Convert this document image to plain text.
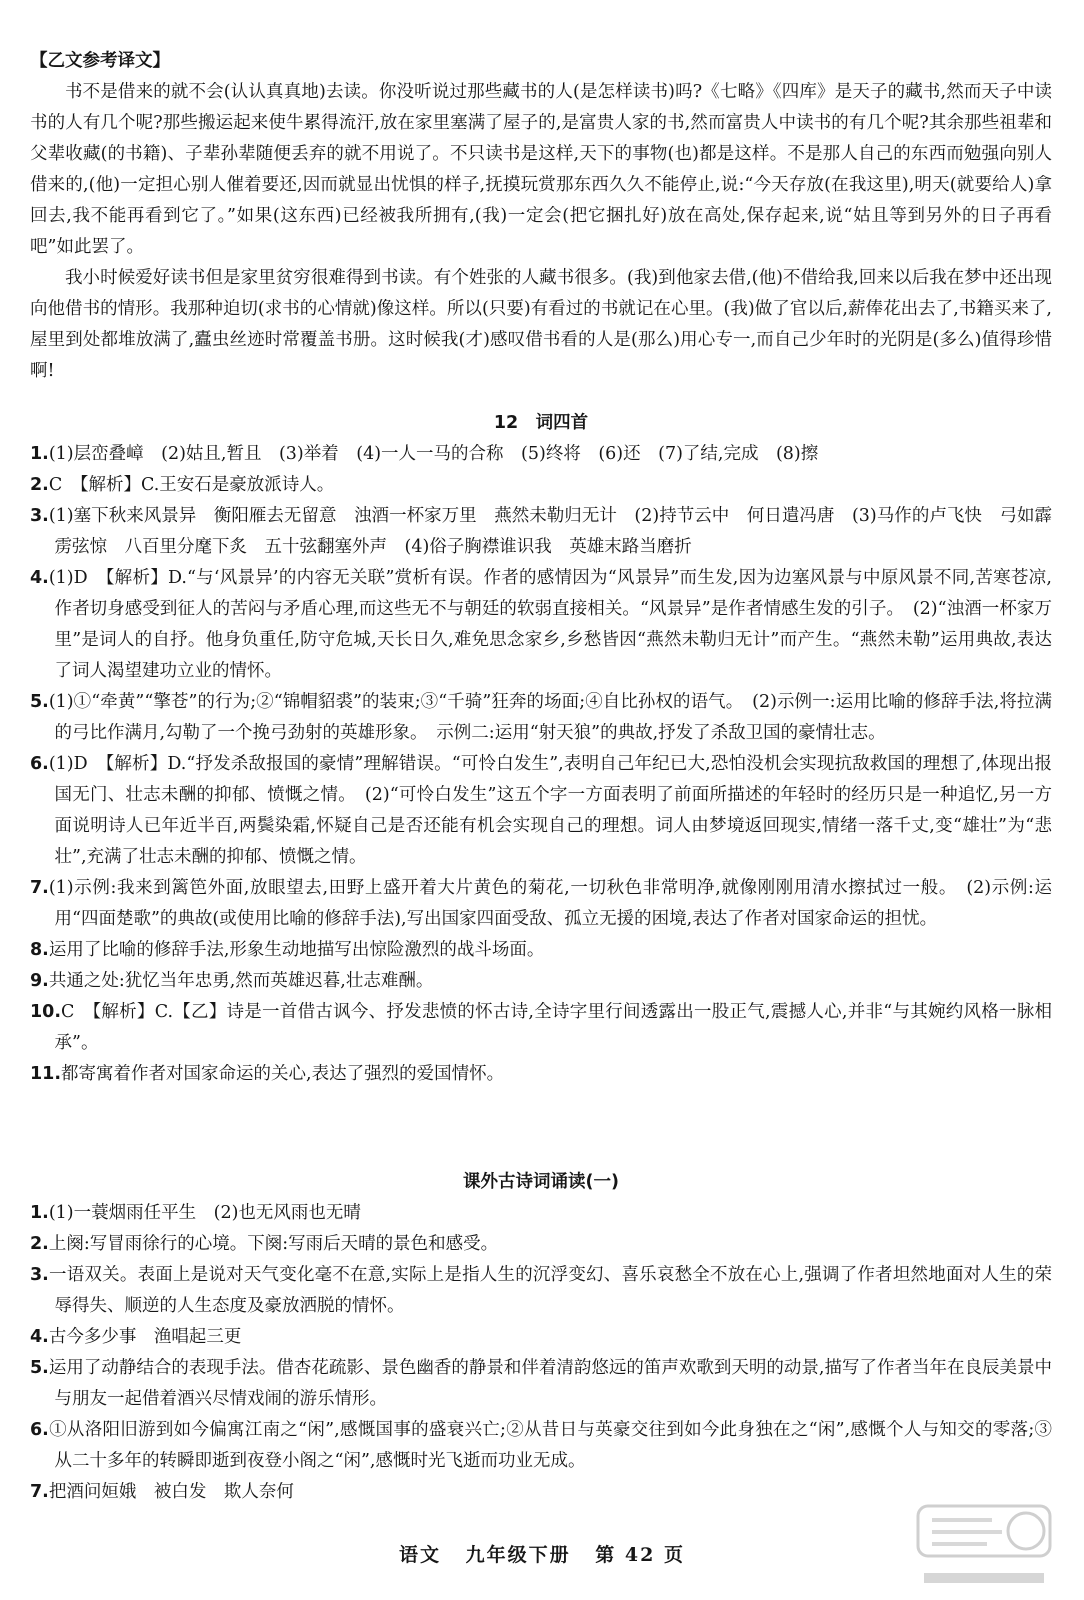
【乙文参考译文】

书不是借来的就不会(认认真真地)去读。你没听说过那些藏书的人(是怎样读书)吗?《七略》《四库》是天子的藏书,然而天子中读书的人有几个呢?那些搬运起来使牛累得流汗,放在家里塞满了屋子的,是富贵人家的书,然而富贵人中读书的有几个呢?其余那些祖辈和父辈收藏(的书籍)、子辈孙辈随便丢弃的就不用说了。不只读书是这样,天下的事物(也)都是这样。不是那人自己的东西而勉强向别人借来的,(他)一定担心别人催着要还,因而就显出忧惧的样子,抚摸玩赏那东西久久不能停止,说:“今天存放(在我这里),明天(就要给人)拿回去,我不能再看到它了。”如果(这东西)已经被我所拥有,(我)一定会(把它捆扎好)放在高处,保存起来,说“姑且等到另外的日子再看吧”如此罢了。

我小时候爱好读书但是家里贫穷很难得到书读。有个姓张的人藏书很多。(我)到他家去借,(他)不借给我,回来以后我在梦中还出现向他借书的情形。我那种迫切(求书的心情就)像这样。所以(只要)有看过的书就记在心里。(我)做了官以后,薪俸花出去了,书籍买来了,屋里到处都堆放满了,蠹虫丝迹时常覆盖书册。这时候我(才)感叹借书看的人是(那么)用心专一,而自己少年时的光阴是(多么)值得珍惜啊!

12　词四首

1.(1)层峦叠嶂　(2)姑且,暂且　(3)举着　(4)一人一马的合称　(5)终将　(6)还　(7)了结,完成　(8)擦

2.C　【解析】C.王安石是豪放派诗人。

3.(1)塞下秋来风景异　衡阳雁去无留意　浊酒一杯家万里　燕然未勒归无计　(2)持节云中　何日遣冯唐　(3)马作的卢飞快　弓如霹雳弦惊　八百里分麾下炙　五十弦翻塞外声　(4)俗子胸襟谁识我　英雄末路当磨折

4.(1)D　【解析】D.“与‘风景异’的内容无关联”赏析有误。作者的感情因为“风景异”而生发,因为边塞风景与中原风景不同,苦寒苍凉,作者切身感受到征人的苦闷与矛盾心理,而这些无不与朝廷的软弱直接相关。“风景异”是作者情感生发的引子。　(2)“浊酒一杯家万里”是词人的自抒。他身负重任,防守危城,天长日久,难免思念家乡,乡愁皆因“燕然未勒归无计”而产生。“燕然未勒”运用典故,表达了词人渴望建功立业的情怀。

5.(1)①“牵黄”“擎苍”的行为;②“锦帽貂裘”的装束;③“千骑”狂奔的场面;④自比孙权的语气。　(2)示例一:运用比喻的修辞手法,将拉满的弓比作满月,勾勒了一个挽弓劲射的英雄形象。　示例二:运用“射天狼”的典故,抒发了杀敌卫国的豪情壮志。

6.(1)D　【解析】D.“抒发杀敌报国的豪情”理解错误。“可怜白发生”,表明自己年纪已大,恐怕没机会实现抗敌救国的理想了,体现出报国无门、壮志未酬的抑郁、愤慨之情。　(2)“可怜白发生”这五个字一方面表明了前面所描述的年轻时的经历只是一种追忆,另一方面说明诗人已年近半百,两鬓染霜,怀疑自己是否还能有机会实现自己的理想。词人由梦境返回现实,情绪一落千丈,变“雄壮”为“悲壮”,充满了壮志未酬的抑郁、愤慨之情。

7.(1)示例:我来到篱笆外面,放眼望去,田野上盛开着大片黄色的菊花,一切秋色非常明净,就像刚刚用清水擦拭过一般。　(2)示例:运用“四面楚歌”的典故(或使用比喻的修辞手法),写出国家四面受敌、孤立无援的困境,表达了作者对国家命运的担忧。

8.运用了比喻的修辞手法,形象生动地描写出惊险激烈的战斗场面。

9.共通之处:犹忆当年忠勇,然而英雄迟暮,壮志难酬。

10.C　【解析】C.【乙】诗是一首借古讽今、抒发悲愤的怀古诗,全诗字里行间透露出一股正气,震撼人心,并非“与其婉约风格一脉相承”。

11.都寄寓着作者对国家命运的关心,表达了强烈的爱国情怀。

课外古诗词诵读(一)

1.(1)一蓑烟雨任平生　(2)也无风雨也无晴

2.上阕:写冒雨徐行的心境。下阕:写雨后天晴的景色和感受。

3.一语双关。表面上是说对天气变化毫不在意,实际上是指人生的沉浮变幻、喜乐哀愁全不放在心上,强调了作者坦然地面对人生的荣辱得失、顺逆的人生态度及豪放洒脱的情怀。

4.古今多少事　渔唱起三更

5.运用了动静结合的表现手法。借杏花疏影、景色幽香的静景和伴着清韵悠远的笛声欢歌到天明的动景,描写了作者当年在良辰美景中与朋友一起借着酒兴尽情戏闹的游乐情形。

6.①从洛阳旧游到如今偏寓江南之“闲”,感慨国事的盛衰兴亡;②从昔日与英豪交往到如今此身独在之“闲”,感慨个人与知交的零落;③从二十多年的转瞬即逝到夜登小阁之“闲”,感慨时光飞逝而功业无成。

7.把酒问姮娥　被白发　欺人奈何

语文 九年级下册 第 42 页
